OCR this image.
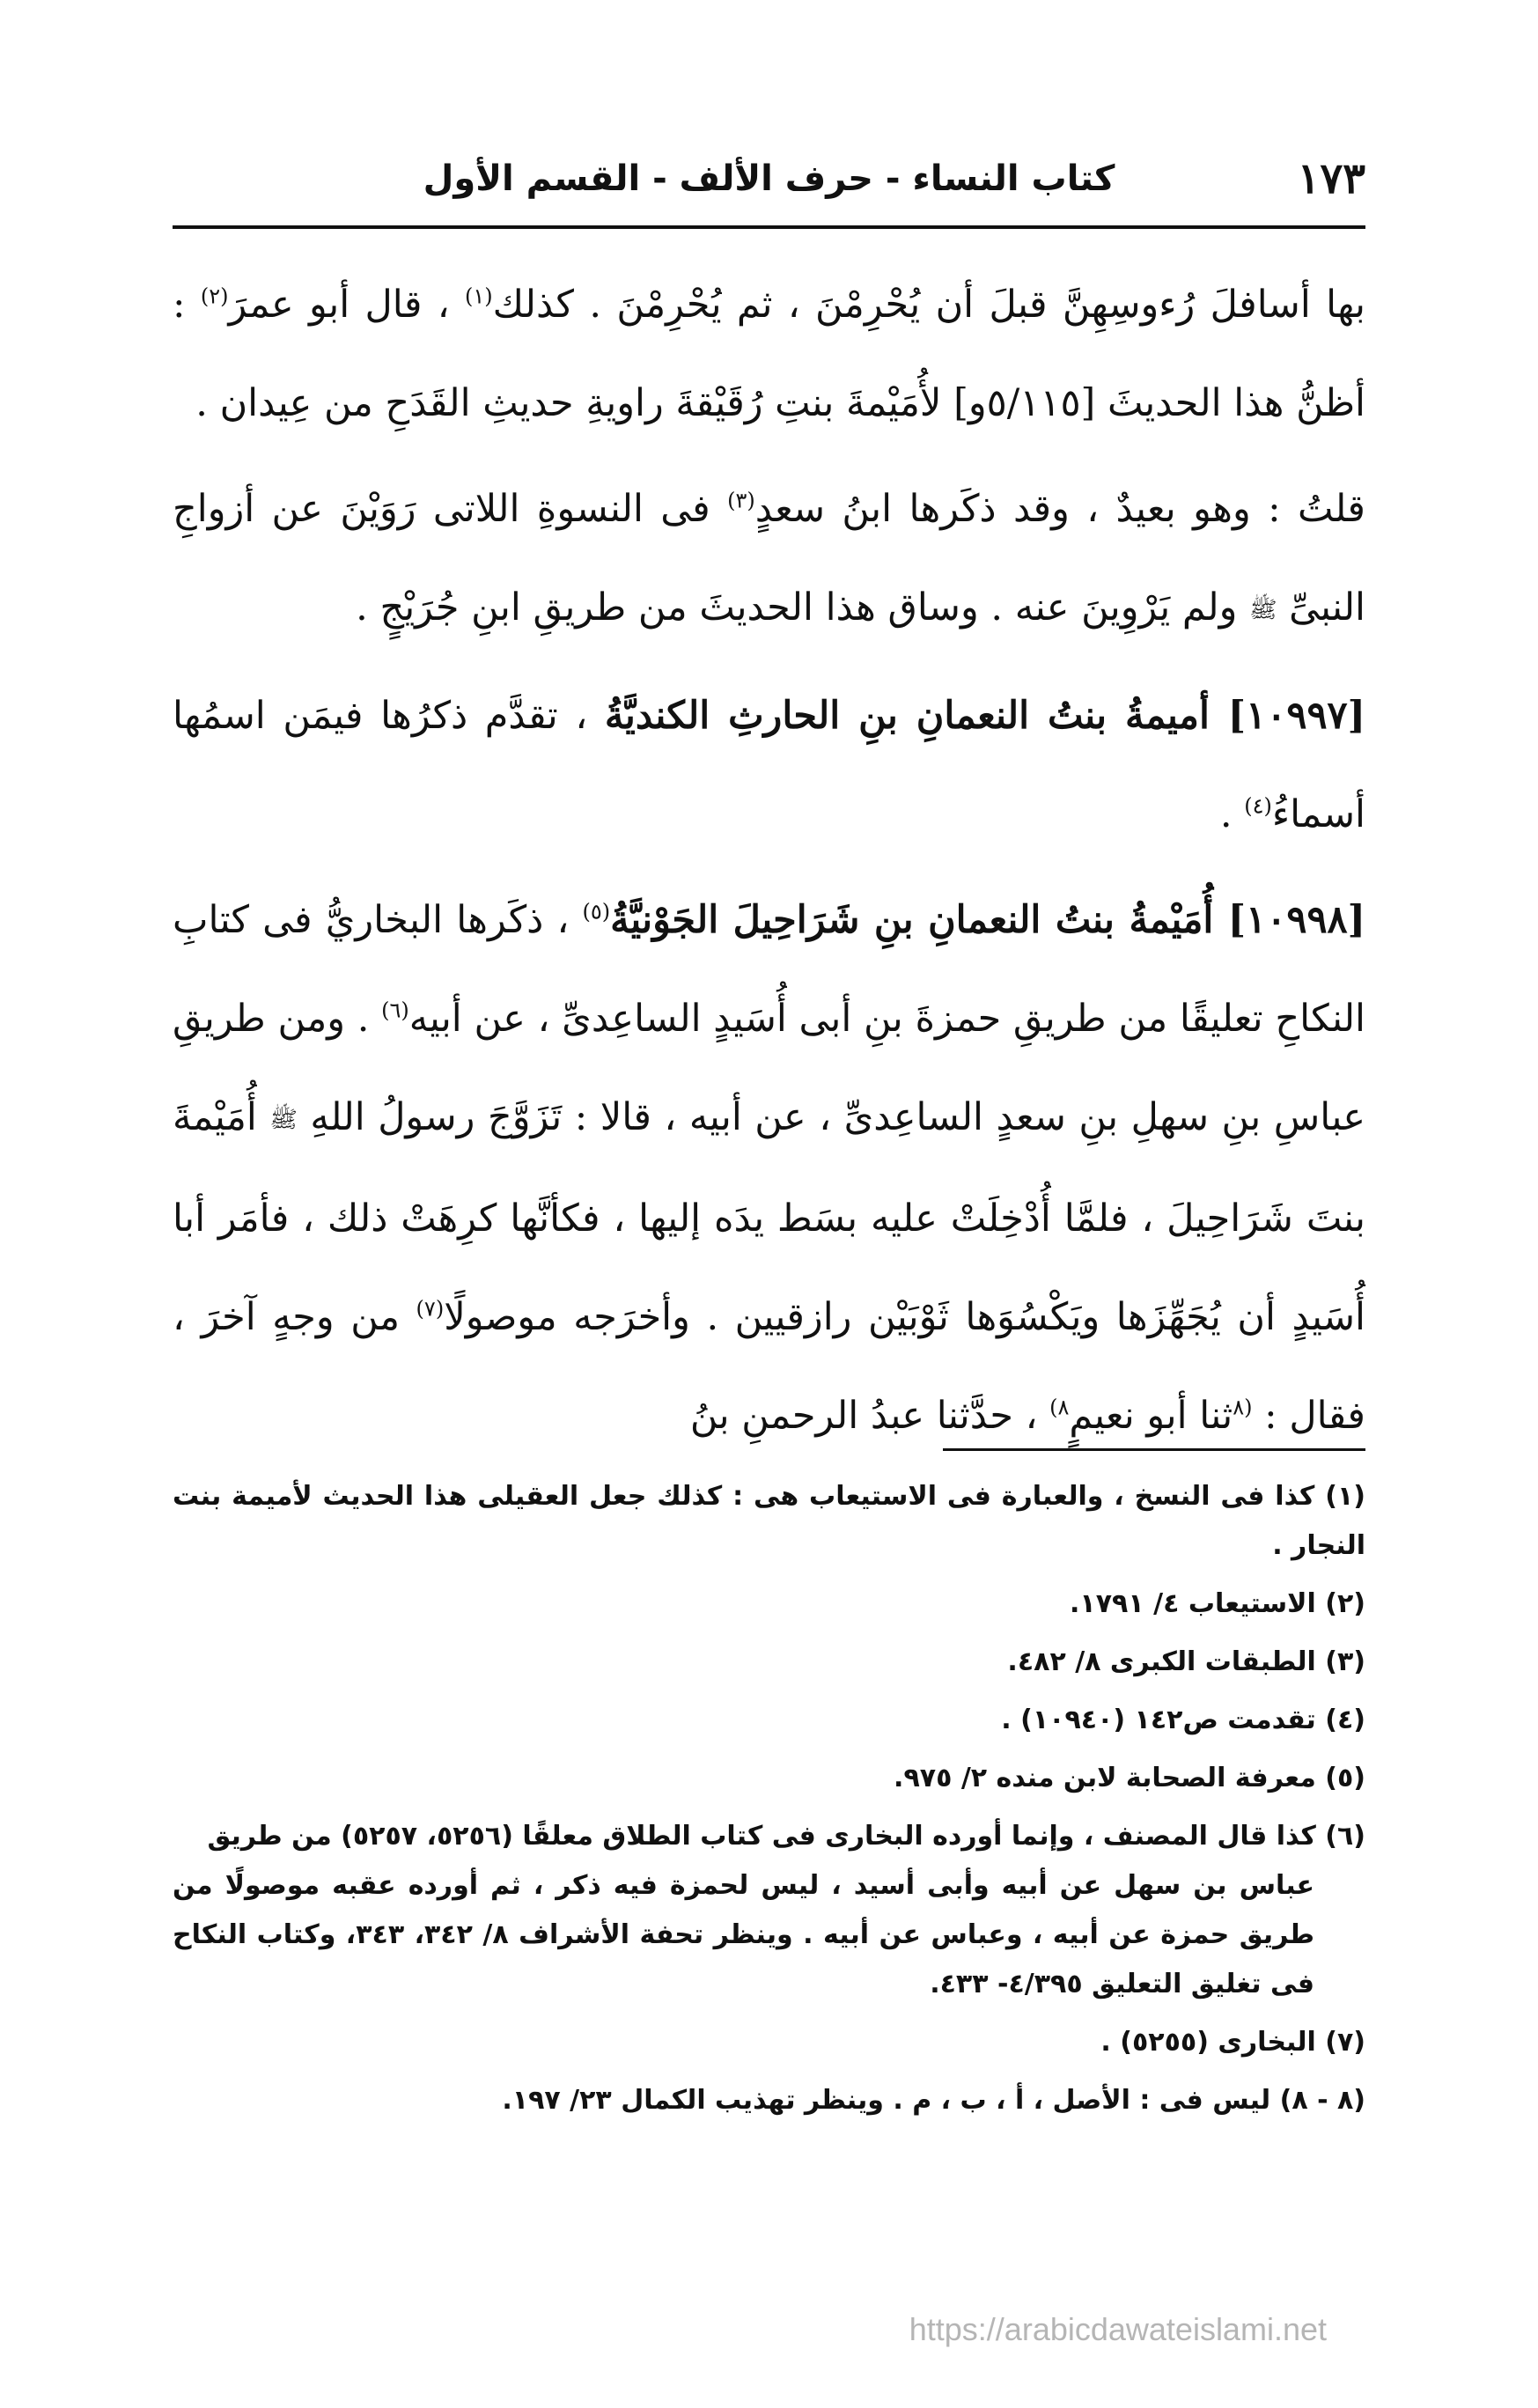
١٧٣
كتاب النساء - حرف الألف - القسم الأول

بها أسافلَ رُءوسِهِنَّ قبلَ أن يُحْرِمْنَ ، ثم يُحْرِمْنَ . كذلك$^{(١)}$ ، قال أبو عمرَ$^{(٢)}$ : أظنُّ هذا الحديثَ [٥/١١٥و] لأُمَيْمةَ بنتِ رُقَيْقةَ راويةِ حديثِ القَدَحِ من عِيدان .

قلتُ : وهو بعيدٌ ، وقد ذكَرها ابنُ سعدٍ$^{(٣)}$ فى النسوةِ اللاتى رَوَيْنَ عن أزواجِ النبىِّ ﷺ ولم يَرْوِينَ عنه . وساق هذا الحديثَ من طريقِ ابنِ جُرَيْجٍ .

[١٠٩٩٧] أميمةُ بنتُ النعمانِ بنِ الحارثِ الكنديَّةُ ، تقدَّم ذكرُها فيمَن اسمُها أسماءُ$^{(٤)}$ .

[١٠٩٩٨] أُمَيْمةُ بنتُ النعمانِ بنِ شَرَاحِيلَ الجَوْنيَّةُ$^{(٥)}$ ، ذكَرها البخاريُّ فى كتابِ النكاحِ تعليقًا من طريقِ حمزةَ بنِ أبى أُسَيدٍ الساعِدىِّ ، عن أبيه$^{(٦)}$ . ومن طريقِ عباسِ بنِ سهلِ بنِ سعدٍ الساعِدىِّ ، عن أبيه ، قالا : تَزَوَّجَ رسولُ اللهِ ﷺ أُمَيْمةَ بنتَ شَرَاحِيلَ ، فلمَّا أُدْخِلَتْ عليه بسَط يدَه إليها ، فكأنَّها كرِهَتْ ذلك ، فأمَر أبا أُسَيدٍ أن يُجَهِّزَها ويَكْسُوَها ثَوْبَيْن رازقيين . وأخرَجه موصولًا$^{(٧)}$ من وجهٍ آخرَ ، فقال : $^{(٨}$ثنا أبو نعيمٍ$^{٨)}$ ، حدَّثنا عبدُ الرحمنِ بنُ

(١) كذا فى النسخ ، والعبارة فى الاستيعاب هى : كذلك جعل العقيلى هذا الحديث لأميمة بنت النجار .

(٢) الاستيعاب ٤/ ١٧٩١.

(٣) الطبقات الكبرى ٨/ ٤٨٢.

(٤) تقدمت ص١٤٢ (١٠٩٤٠) .

(٥) معرفة الصحابة لابن منده ٢/ ٩٧٥.

(٦) كذا قال المصنف ، وإنما أورده البخارى فى كتاب الطلاق معلقًا (٥٢٥٦، ٥٢٥٧) من طريق
عباس بن سهل عن أبيه وأبى أسيد ، ليس لحمزة فيه ذكر ، ثم أورده عقبه موصولًا من طريق حمزة عن أبيه ، وعباس عن أبيه . وينظر تحفة الأشراف ٨/ ٣٤٢، ٣٤٣، وكتاب النكاح فى تغليق التعليق ٤/٣٩٥- ٤٣٣.

(٧) البخارى (٥٢٥٥) .

(٨ - ٨) ليس فى : الأصل ، أ ، ب ، م . وينظر تهذيب الكمال ٢٣/ ١٩٧.

https://arabicdawateislami.net
